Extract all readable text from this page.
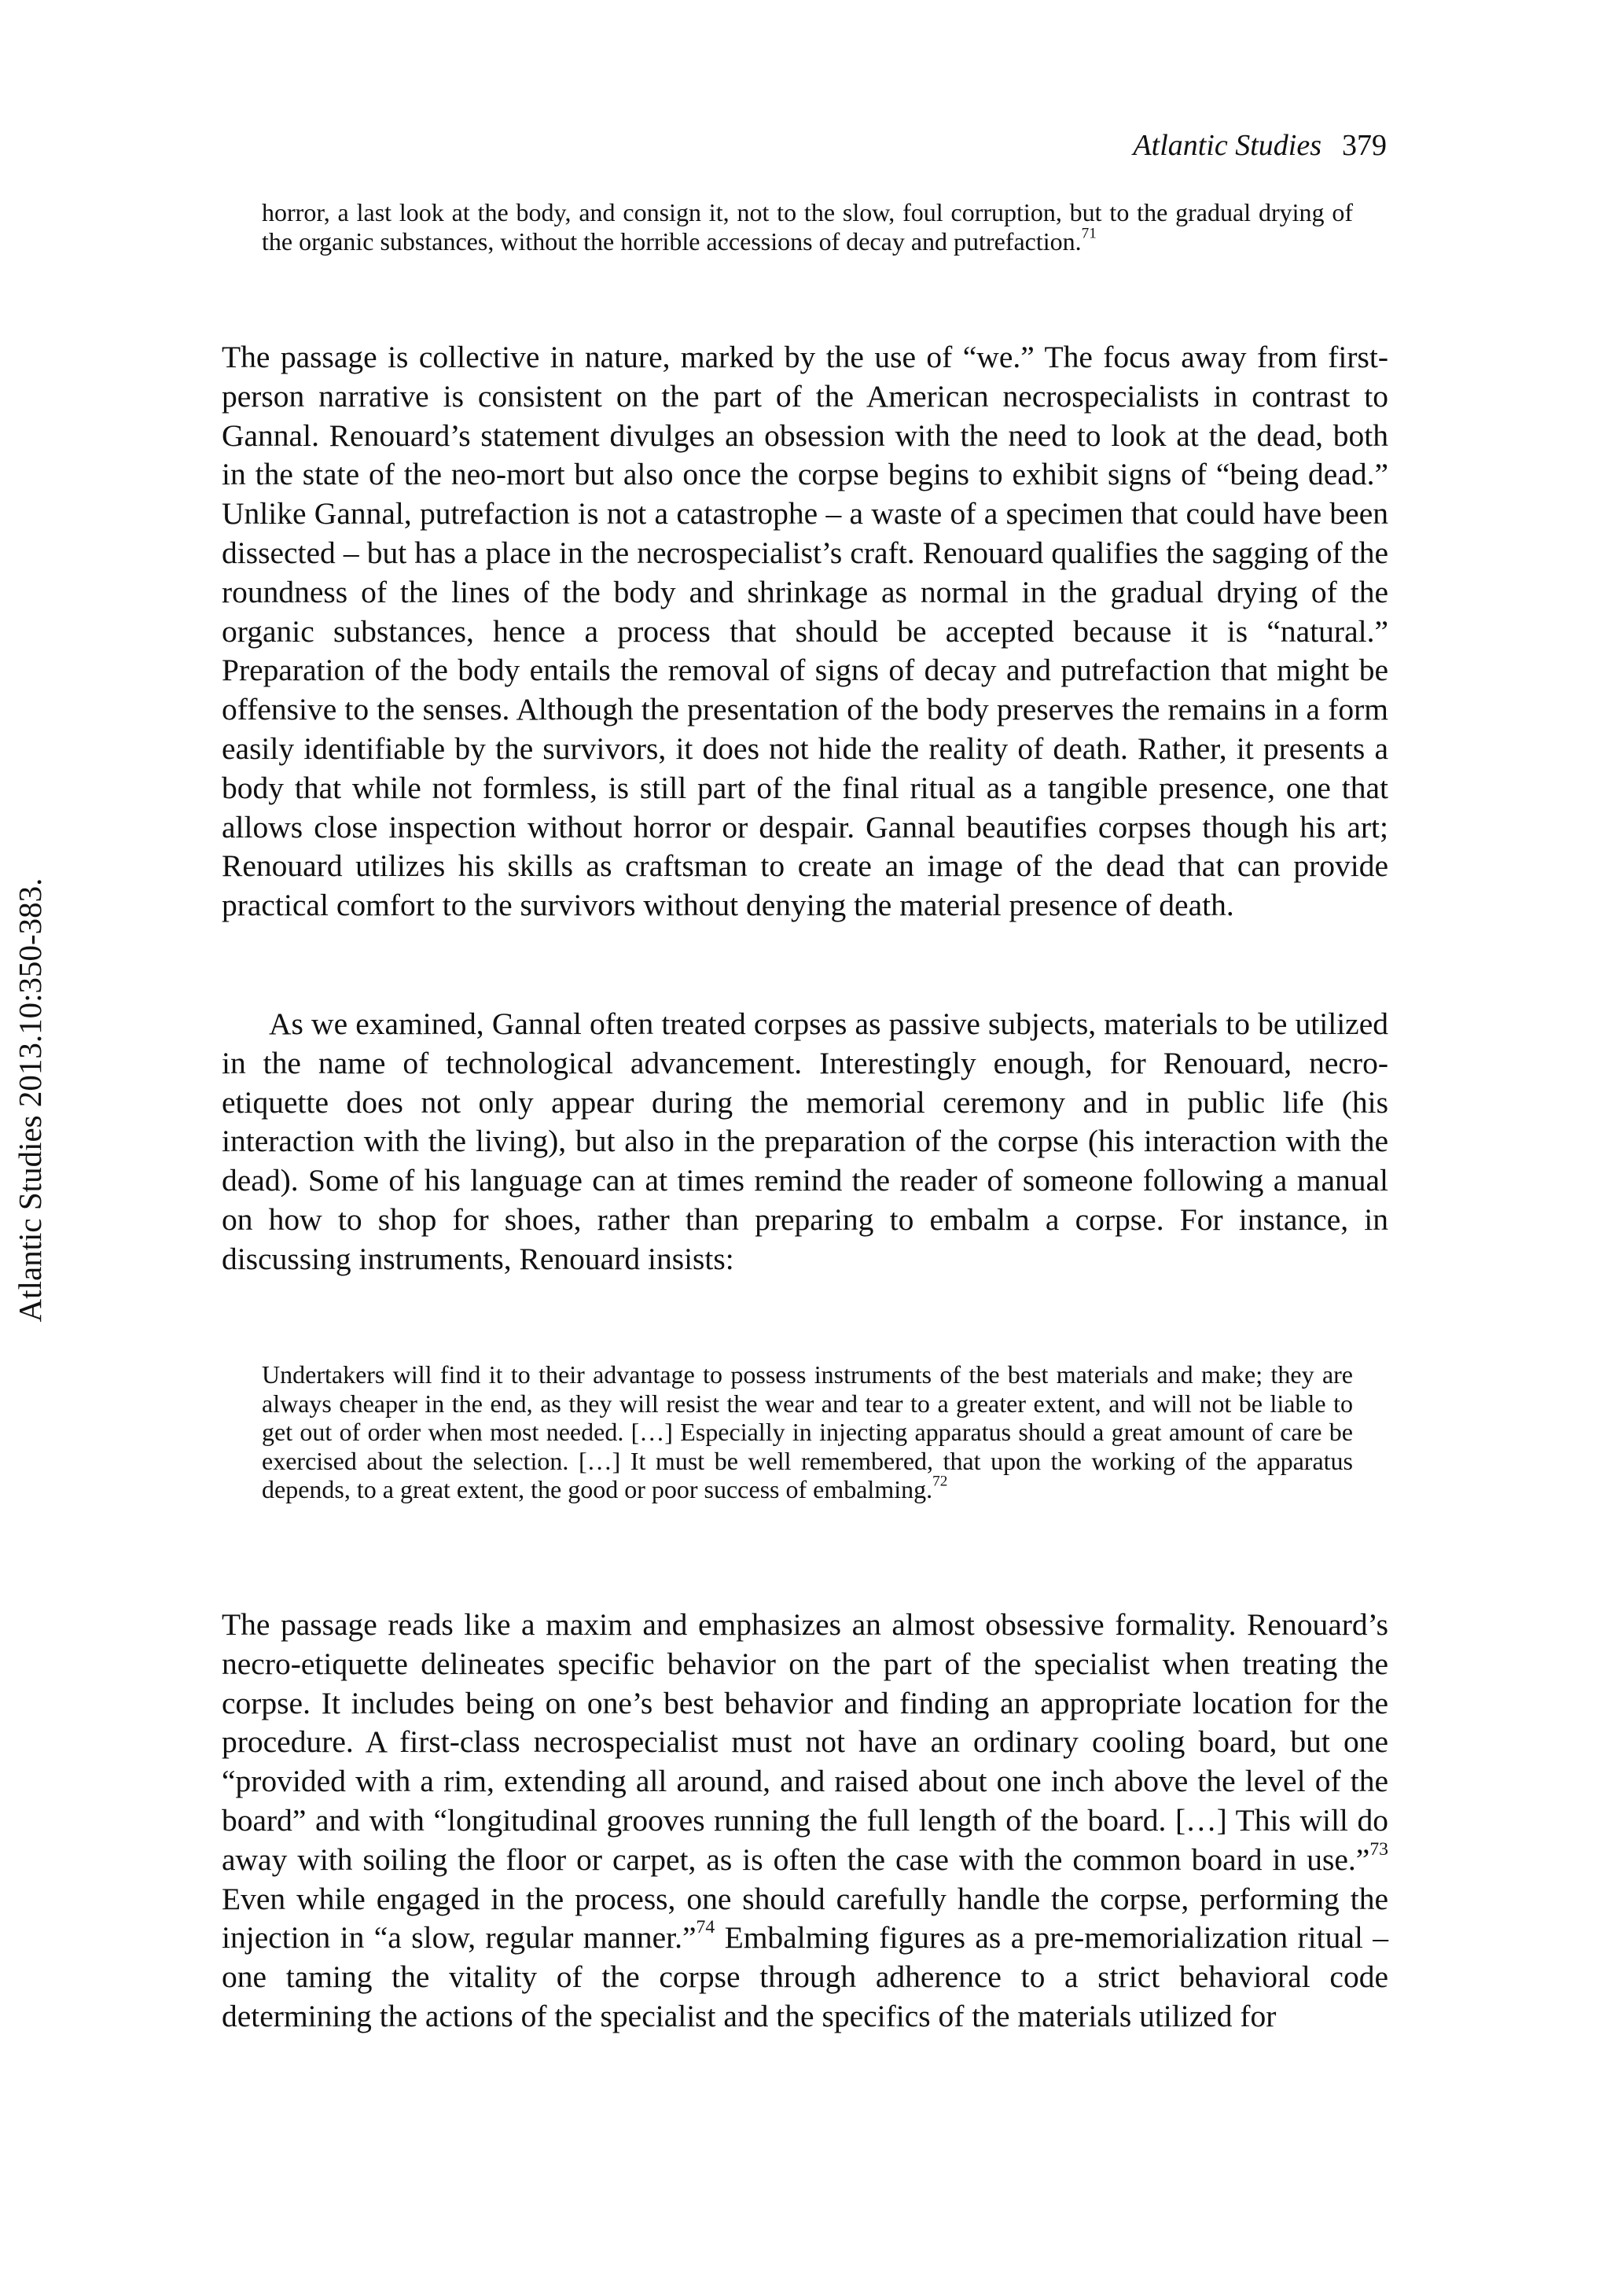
Atlantic Studies 379
Atlantic Studies 2013.10:350-383.

horror, a last look at the body, and consign it, not to the slow, foul corruption, but to the gradual drying of the organic substances, without the horrible accessions of decay and putrefaction.$^{71}$

The passage is collective in nature, marked by the use of “we.” The focus away from first-person narrative is consistent on the part of the American necrospecialists in contrast to Gannal. Renouard’s statement divulges an obsession with the need to look at the dead, both in the state of the neo-mort but also once the corpse begins to exhibit signs of “being dead.” Unlike Gannal, putrefaction is not a catastrophe – a waste of a specimen that could have been dissected – but has a place in the necrospecialist’s craft. Renouard qualifies the sagging of the roundness of the lines of the body and shrinkage as normal in the gradual drying of the organic substances, hence a process that should be accepted because it is “natural.” Preparation of the body entails the removal of signs of decay and putrefaction that might be offensive to the senses. Although the presentation of the body preserves the remains in a form easily identifiable by the survivors, it does not hide the reality of death. Rather, it presents a body that while not formless, is still part of the final ritual as a tangible presence, one that allows close inspection without horror or despair. Gannal beautifies corpses though his art; Renouard utilizes his skills as craftsman to create an image of the dead that can provide practical comfort to the survivors without denying the material presence of death.

As we examined, Gannal often treated corpses as passive subjects, materials to be utilized in the name of technological advancement. Interestingly enough, for Renouard, necro-etiquette does not only appear during the memorial ceremony and in public life (his interaction with the living), but also in the preparation of the corpse (his interaction with the dead). Some of his language can at times remind the reader of someone following a manual on how to shop for shoes, rather than preparing to embalm a corpse. For instance, in discussing instruments, Renouard insists:

Undertakers will find it to their advantage to possess instruments of the best materials and make; they are always cheaper in the end, as they will resist the wear and tear to a greater extent, and will not be liable to get out of order when most needed. […] Especially in injecting apparatus should a great amount of care be exercised about the selection. […] It must be well remembered, that upon the working of the apparatus depends, to a great extent, the good or poor success of embalming.$^{72}$

The passage reads like a maxim and emphasizes an almost obsessive formality. Renouard’s necro-etiquette delineates specific behavior on the part of the specialist when treating the corpse. It includes being on one’s best behavior and finding an appropriate location for the procedure. A first-class necrospecialist must not have an ordinary cooling board, but one “provided with a rim, extending all around, and raised about one inch above the level of the board” and with “longitudinal grooves running the full length of the board. […] This will do away with soiling the floor or carpet, as is often the case with the common board in use.”$^{73}$ Even while engaged in the process, one should carefully handle the corpse, performing the injection in “a slow, regular manner.”$^{74}$ Embalming figures as a pre-memorialization ritual – one taming the vitality of the corpse through adherence to a strict behavioral code determining the actions of the specialist and the specifics of the materials utilized for
